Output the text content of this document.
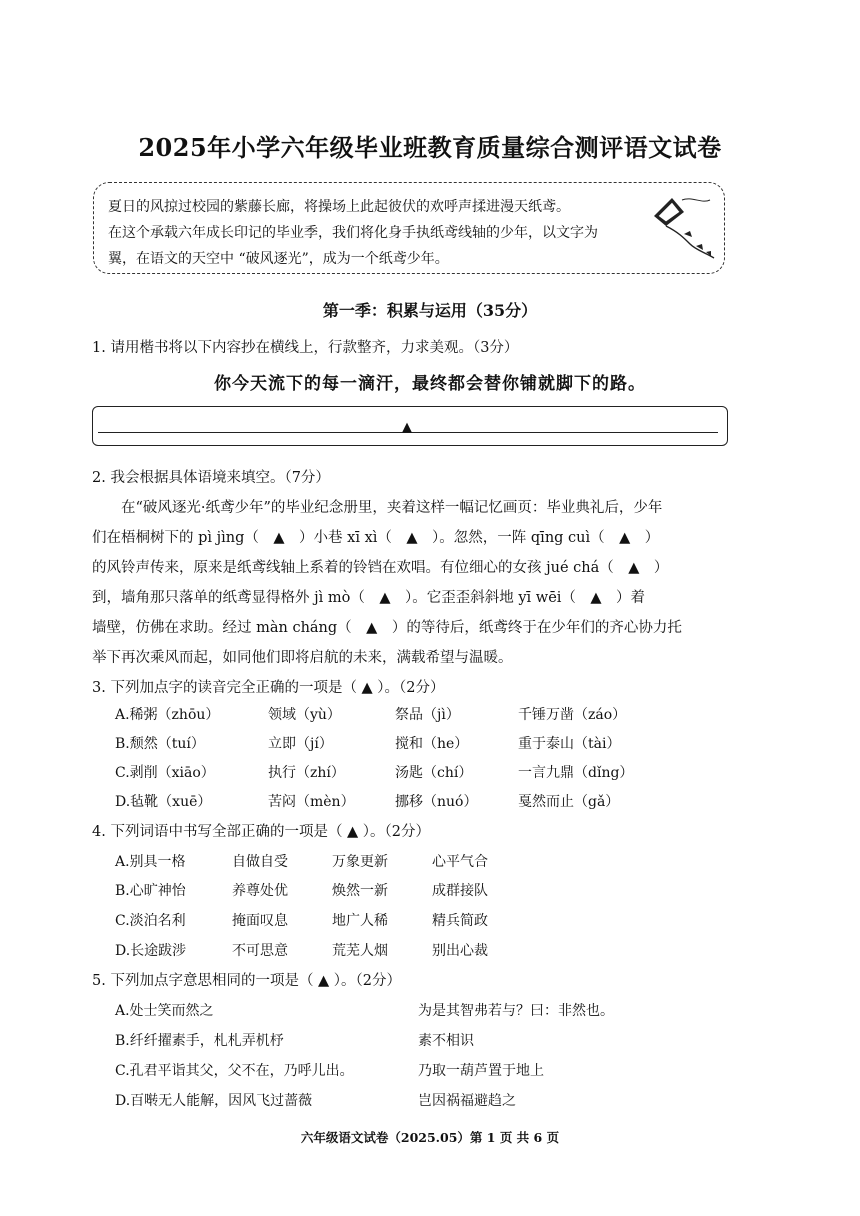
2025年小学六年级毕业班教育质量综合测评语文试卷
夏日的风掠过校园的紫藤长廊，将操场上此起彼伏的欢呼声揉进漫天纸鸢。
在这个承载六年成长印记的毕业季，我们将化身手执纸鸢线轴的少年，以文字为
翼，在语文的天空中 “破风逐光”，成为一个纸鸢少年。
第一季：积累与运用（35分）
1. 请用楷书将以下内容抄在横线上，行款整齐，力求美观。（3分）
你今天流下的每一滴汗，最终都会替你铺就脚下的路。
▲
2. 我会根据具体语境来填空。（7分）
　　在“破风逐光·纸鸢少年”的毕业纪念册里，夹着这样一幅记忆画页：毕业典礼后，少年
们在梧桐树下的 pì jìng（　▲　）小巷 xī xì（　▲　）。忽然，一阵 qīng cuì（　▲　）
的风铃声传来，原来是纸鸢线轴上系着的铃铛在欢唱。有位细心的女孩 jué chá（　▲　）
到，墙角那只落单的纸鸢显得格外 jì mò（　▲　）。它歪歪斜斜地 yī wēi（　▲　）着
墙壁，仿佛在求助。经过 màn cháng（　▲　）的等待后，纸鸢终于在少年们的齐心协力托
举下再次乘风而起，如同他们即将启航的未来，满载希望与温暖。
3. 下列加点字的读音完全正确的一项是（ ▲ ）。（2分）
A.稀粥（zhōu）	领域（yù）	祭品（jì）	千锤万凿（záo）
B.颓然（tuí）	立即（jí）	搅和（he）	重于泰山（tài）
C.剥削（xiāo）	执行（zhí）	汤匙（chí）	一言九鼎（dǐng）
D.毡靴（xuē）	苦闷（mèn）	挪移（nuó）	戛然而止（gǎ）
4. 下列词语中书写全部正确的一项是（ ▲ ）。（2分）
A.别具一格	自做自受	万象更新	心平气合
B.心旷神怡	养尊处优	焕然一新	成群接队
C.淡泊名利	掩面叹息	地广人稀	精兵简政
D.长途跋涉	不可思意	荒芜人烟	别出心裁
5. 下列加点字意思相同的一项是（ ▲ ）。（2分）
A.处士笑而然之	为是其智弗若与？曰：非然也。
B.纤纤擢素手，札札弄机杼	素不相识
C.孔君平诣其父，父不在，乃呼儿出。	乃取一葫芦置于地上
D.百啭无人能解，因风飞过蔷薇	岂因祸福避趋之
六年级语文试卷（2025.05）第 1 页 共 6 页
